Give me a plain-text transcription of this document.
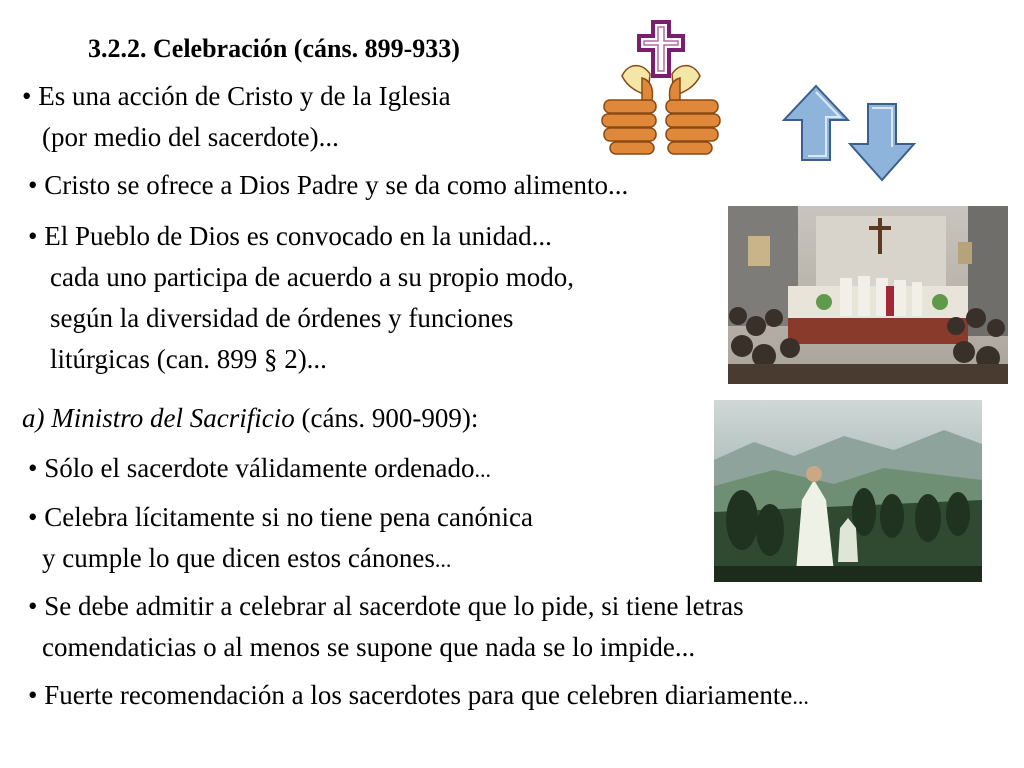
3.2.2. Celebración (cáns. 899-933)
• Es una acción de Cristo y de la Iglesia
(por medio del sacerdote)...
• Cristo se ofrece a Dios Padre y se da como alimento...
• El Pueblo de Dios es convocado en la unidad...
cada uno participa de acuerdo a su propio modo,
según la diversidad de órdenes y funciones
litúrgicas (can. 899 § 2)...
a) Ministro del Sacrificio (cáns. 900-909):
• Sólo el sacerdote válidamente ordenado...
• Celebra lícitamente si no tiene pena canónica
y cumple lo que dicen estos cánones...
• Se debe admitir a celebrar al sacerdote que lo pide, si tiene letras
comendaticias o al menos se supone que nada se lo impide...
• Fuerte recomendación a los sacerdotes para que celebren diariamente...
